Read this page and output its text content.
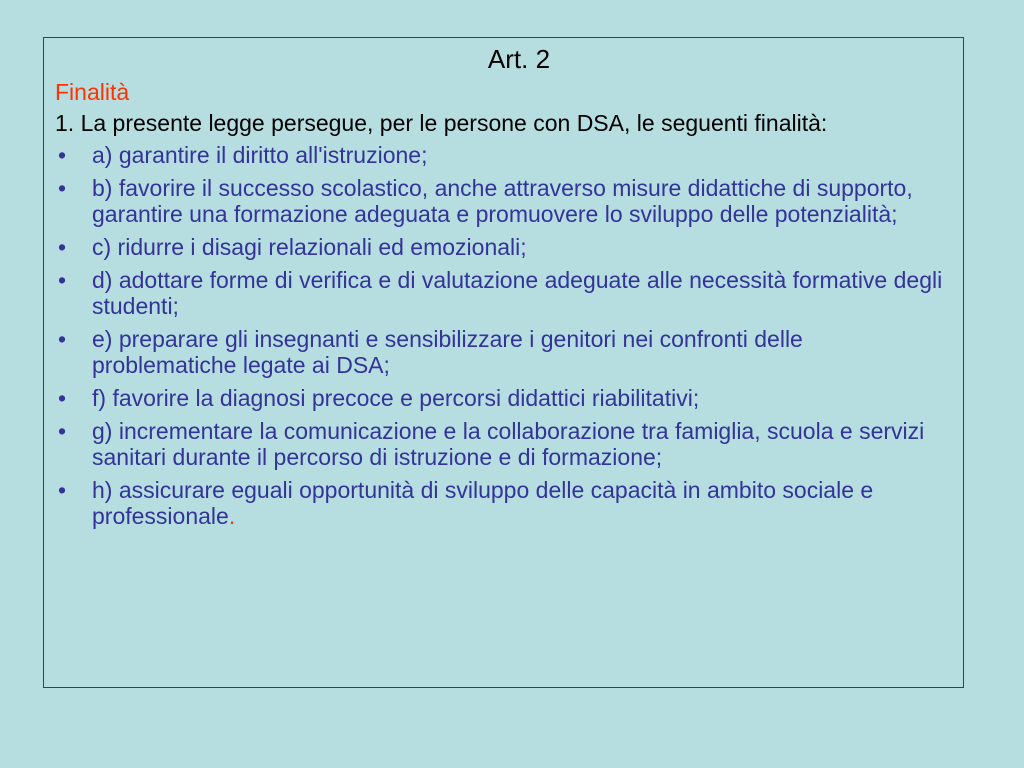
Art. 2

Finalità

1. La presente legge persegue, per le persone con DSA, le seguenti finalità:

•	a) garantire il diritto all'istruzione;
•	b) favorire il successo scolastico, anche attraverso misure didattiche di supporto, garantire una formazione adeguata e promuovere lo sviluppo delle potenzialità;
•	c) ridurre i disagi relazionali ed emozionali;
•	d) adottare forme di verifica e di valutazione adeguate alle necessità formative degli studenti;
•	e) preparare gli insegnanti e sensibilizzare i genitori nei confronti delle problematiche legate ai DSA;
•	f) favorire la diagnosi precoce e percorsi didattici riabilitativi;
•	g) incrementare la comunicazione e la collaborazione tra famiglia, scuola e servizi sanitari durante il percorso di istruzione e di formazione;
•	h) assicurare eguali opportunità di sviluppo delle capacità in ambito sociale e professionale.
